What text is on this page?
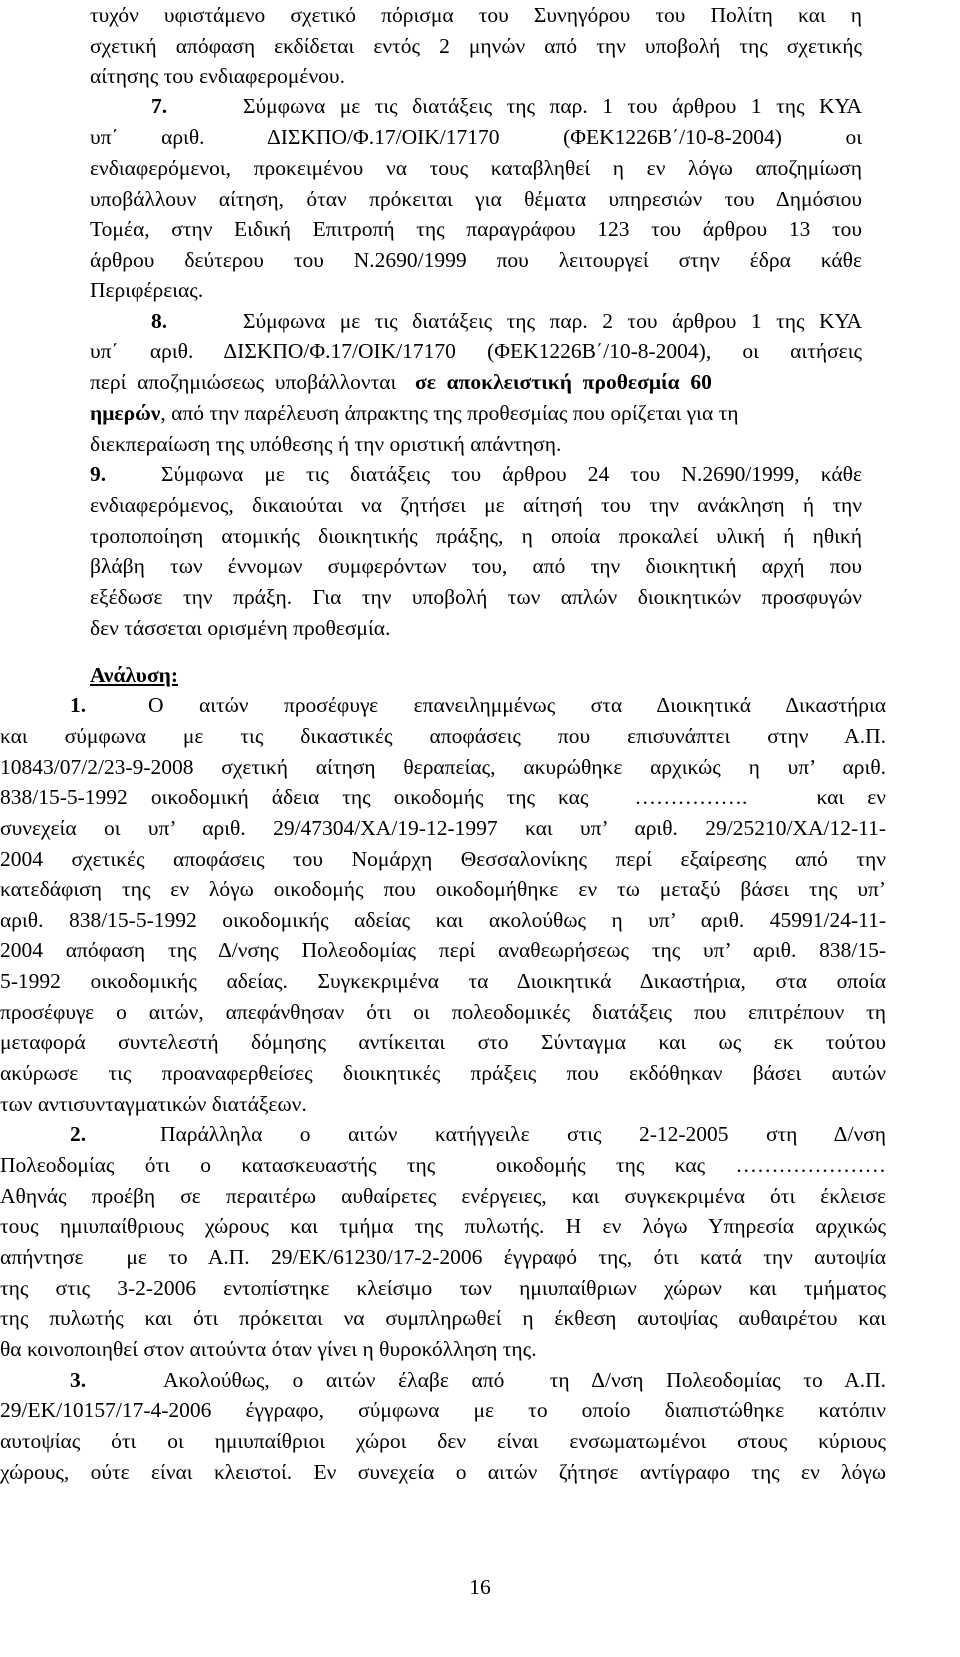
τυχόν υφιστάμενο σχετικό πόρισμα του Συνηγόρου του Πολίτη και η
σχετική απόφαση εκδίδεται εντός 2 μηνών από την υποβολή της σχετικής
αίτησης του ενδιαφερομένου.
7.	Σύμφωνα με τις διατάξεις της παρ. 1 του άρθρου 1 της ΚΥΑ
υπ΄  αριθ.   ΔΙΣΚΠΟ/Φ.17/ΟΙΚ/17170   (ΦΕΚ1226Β΄/10-8-2004)   οι
ενδιαφερόμενοι, προκειμένου να τους καταβληθεί η εν λόγω αποζημίωση
υποβάλλουν αίτηση, όταν πρόκειται για θέματα υπηρεσιών του Δημόσιου
Τομέα, στην Ειδική Επιτροπή της παραγράφου 123 του άρθρου 13 του
άρθρου δεύτερου του Ν.2690/1999 που λειτουργεί στην έδρα κάθε
Περιφέρειας.
8.	Σύμφωνα με τις διατάξεις της παρ. 2 του άρθρου 1 της ΚΥΑ
υπ΄ αριθ. ΔΙΣΚΠΟ/Φ.17/ΟΙΚ/17170 (ΦΕΚ1226Β΄/10-8-2004), οι αιτήσεις
περί  αποζημιώσεως  υποβάλλονται σε  αποκλειστική  προθεσμία  60
ημερών, από την παρέλευση άπρακτης της προθεσμίας που ορίζεται για τη
διεκπεραίωση της υπόθεσης ή την οριστική απάντηση.
9.	Σύμφωνα με τις διατάξεις του άρθρου 24 του Ν.2690/1999, κάθε
ενδιαφερόμενος, δικαιούται να ζητήσει με αίτησή του την ανάκληση ή την
τροποποίηση ατομικής διοικητικής πράξης, η οποία προκαλεί υλική ή ηθική
βλάβη των έννομων συμφερόντων του, από την διοικητική αρχή που
εξέδωσε την πράξη. Για την υποβολή των απλών διοικητικών προσφυγών
δεν τάσσεται ορισμένη προθεσμία.
Ανάλυση:
1.	Ο αιτών προσέφυγε επανειλημμένως στα Διοικητικά Δικαστήρια
και σύμφωνα με τις δικαστικές αποφάσεις που επισυνάπτει στην Α.Π.
10843/07/2/23-9-2008 σχετική αίτηση θεραπείας, ακυρώθηκε αρχικώς η υπ’ αριθ.
838/15-5-1992 οικοδομική άδεια της οικοδομής της κας  …………….   και εν
συνεχεία οι υπ’ αριθ. 29/47304/ΧΑ/19-12-1997 και υπ’ αριθ. 29/25210/ΧΑ/12-11-
2004 σχετικές αποφάσεις του Νομάρχη Θεσσαλονίκης περί εξαίρεσης από την
κατεδάφιση της εν λόγω οικοδομής που οικοδομήθηκε εν τω μεταξύ βάσει της υπ’
αριθ. 838/15-5-1992 οικοδομικής αδείας και ακολούθως η υπ’ αριθ. 45991/24-11-
2004 απόφαση της Δ/νσης Πολεοδομίας περί αναθεωρήσεως της υπ’ αριθ. 838/15-
5-1992 οικοδομικής αδείας. Συγκεκριμένα τα Διοικητικά Δικαστήρια, στα οποία
προσέφυγε ο αιτών, απεφάνθησαν ότι οι πολεοδομικές διατάξεις που επιτρέπουν τη
μεταφορά συντελεστή δόμησης αντίκειται στο Σύνταγμα και ως εκ τούτου
ακύρωσε τις προαναφερθείσες διοικητικές πράξεις που εκδόθηκαν βάσει αυτών
των αντισυνταγματικών διατάξεων.
2.	Παράλληλα ο αιτών κατήγγειλε στις 2-12-2005 στη Δ/νση
Πολεοδομίας ότι ο κατασκευαστής της  οικοδομής της κας …………………
Αθηνάς προέβη σε περαιτέρω αυθαίρετες ενέργειες, και συγκεκριμένα ότι έκλεισε
τους ημιυπαίθριους χώρους και τμήμα της πυλωτής. Η εν λόγω Υπηρεσία αρχικώς
απήντησε  με το Α.Π. 29/ΕΚ/61230/17-2-2006 έγγραφό της, ότι κατά την αυτοψία
της στις 3-2-2006 εντοπίστηκε κλείσιμο των ημιυπαίθριων χώρων και τμήματος
της πυλωτής και ότι πρόκειται να συμπληρωθεί η έκθεση αυτοψίας αυθαιρέτου και
θα κοινοποιηθεί στον αιτούντα όταν γίνει η θυροκόλληση της.
3.	Ακολούθως, ο αιτών έλαβε από  τη Δ/νση Πολεοδομίας το Α.Π.
29/ΕΚ/10157/17-4-2006 έγγραφο, σύμφωνα με το οποίο διαπιστώθηκε κατόπιν
αυτοψίας ότι οι ημιυπαίθριοι χώροι δεν είναι ενσωματωμένοι στους κύριους
χώρους, ούτε είναι κλειστοί. Εν συνεχεία ο αιτών ζήτησε αντίγραφο της εν λόγω
16
